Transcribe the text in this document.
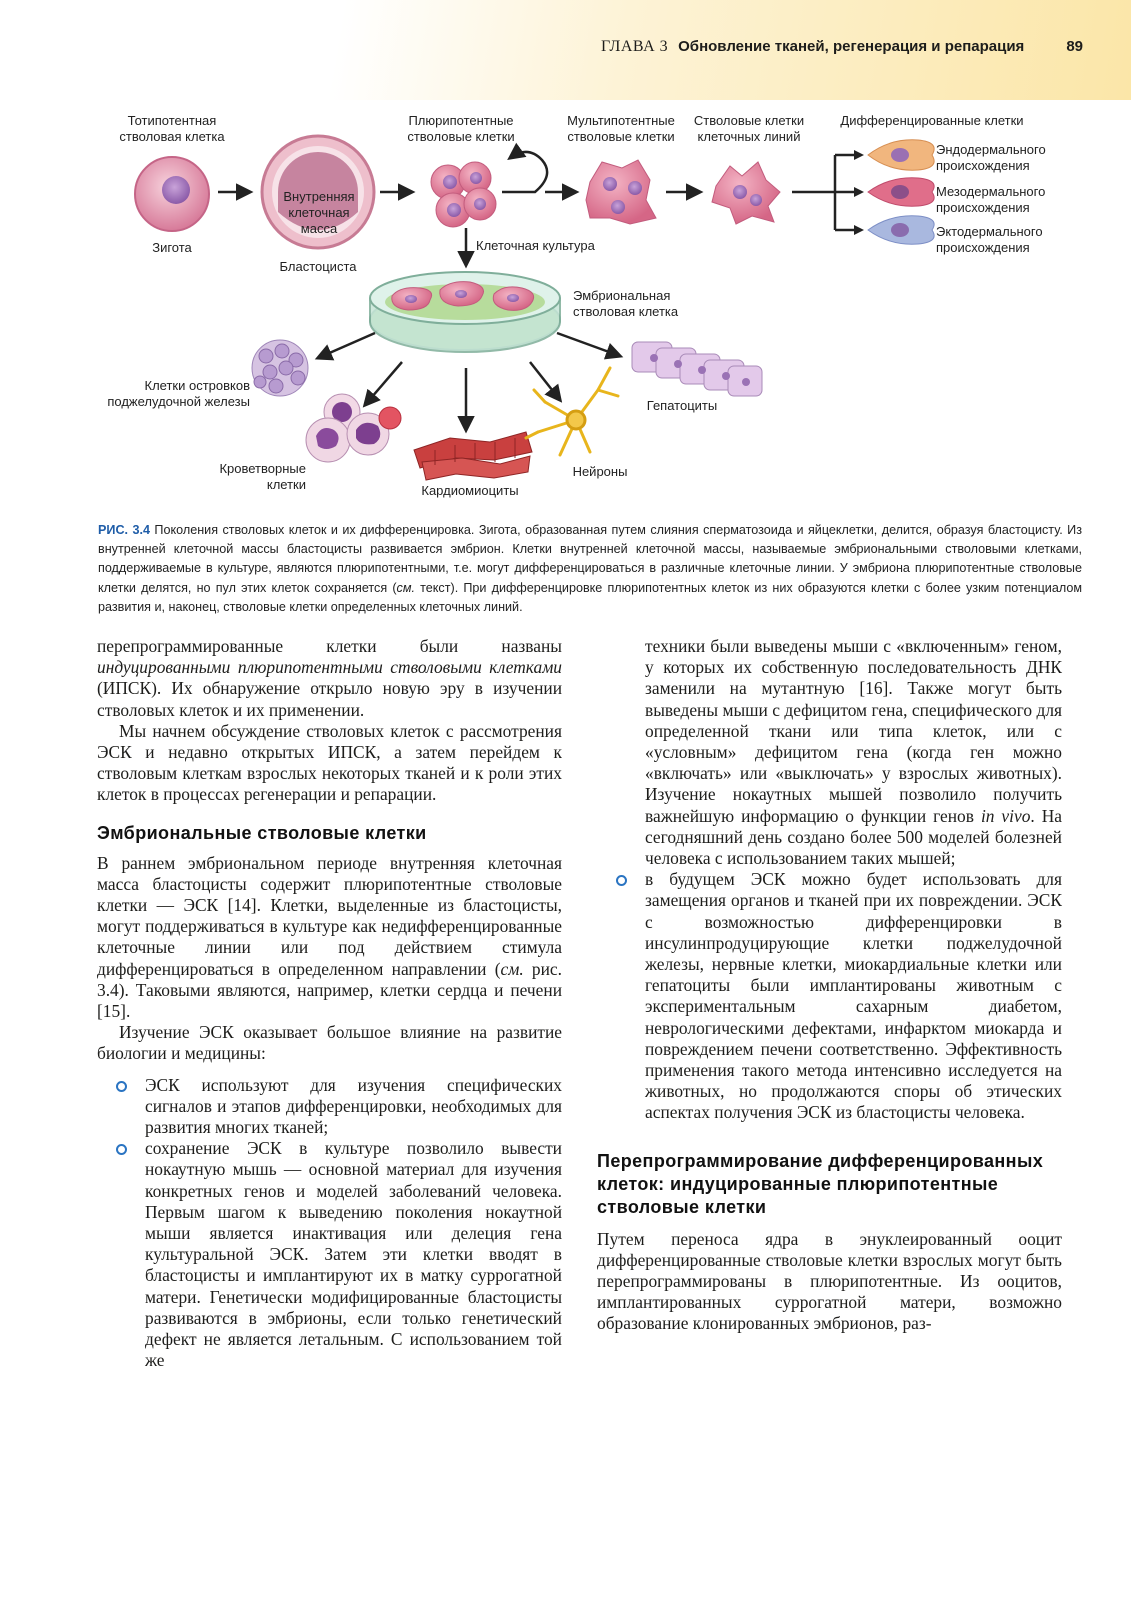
ГЛАВА 3 Обновление тканей, регенерация и репарация	89
Внутренняя
клеточная
масса
Тотипотентная
стволовая клетка
Зигота
Бластоциста
Плюрипотентные
стволовые клетки
Мультипотентные
стволовые клетки
Стволовые клетки
клеточных линий
Дифференцированные клетки
Эндодермального
происхождения
Мезодермального
происхождения
Эктодермального
происхождения
Клеточная культура
Эмбриональная
стволовая клетка
Клетки островков
поджелудочной железы
Кроветворные
клетки	Кардиомиоциты
Нейроны
Гепатоциты
РИС. 3.4 Поколения стволовых клеток и их дифференцировка. Зигота, образованная путем слияния сперматозоида и яйцеклетки, делится, образуя бластоцисту. Из внутренней клеточной массы бластоцисты развивается эмбрион. Клетки внутренней клеточной массы, называемые эмбриональными стволовыми клетками, поддерживаемые в культуре, являются плюрипотентными, т.е. могут дифференцироваться в различные клеточные линии. У эмбриона плюрипотентные стволовые клетки делятся, но пул этих клеток сохраняется (см. текст). При дифференцировке плюрипотентных клеток из них образуются клетки с более узким потенциалом развития и, наконец, стволовые клетки определенных клеточных линий.

перепрограммированные клетки были названы индуцированными плюрипотентными стволовыми клетками (ИПСК). Их обнаружение открыло новую эру в изучении стволовых клеток и их применении.

Мы начнем обсуждение стволовых клеток с рассмотрения ЭСК и недавно открытых ИПСК, а затем перейдем к стволовым клеткам взрослых некоторых тканей и к роли этих клеток в процессах регенерации и репарации.

Эмбриональные стволовые клетки

В раннем эмбриональном периоде внутренняя клеточная масса бластоцисты содержит плюрипотентные стволовые клетки — ЭСК [14]. Клетки, выделенные из бластоцисты, могут поддерживаться в культуре как недифференцированные клеточные линии или под действием стимула дифференцироваться в определенном направлении (см. рис. 3.4). Таковыми являются, например, клетки сердца и печени [15].

Изучение ЭСК оказывает большое влияние на развитие биологии и медицины:

ЭСК используют для изучения специфических сигналов и этапов дифференцировки, необходимых для развития многих тканей;
сохранение ЭСК в культуре позволило вывести нокаутную мышь — основной материал для изучения конкретных генов и моделей заболеваний человека. Первым шагом к выведению поколения нокаутной мыши является инактивация или делеция гена культуральной ЭСК. Затем эти клетки вводят в бластоцисты и имплантируют их в матку суррогатной матери. Генетически модифицированные бластоцисты развиваются в эмбрионы, если только генетический дефект не является летальным. С использованием той же
техники были выведены мыши с «включенным» геном, у которых их собственную последовательность ДНК заменили на мутантную [16]. Также могут быть выведены мыши с дефицитом гена, специфического для определенной ткани или типа клеток, или с «условным» дефицитом гена (когда ген можно «включать» или «выключать» у взрослых животных). Изучение нокаутных мышей позволило получить важнейшую информацию о функции генов in vivo. На сегодняшний день создано более 500 моделей болезней человека с использованием таких мышей;
в будущем ЭСК можно будет использовать для замещения органов и тканей при их повреждении. ЭСК с возможностью дифференцировки в инсулинпродуцирующие клетки поджелудочной железы, нервные клетки, миокардиальные клетки или гепатоциты были имплантированы животным с экспериментальным сахарным диабетом, неврологическими дефектами, инфарктом миокарда и повреждением печени соответственно. Эффективность применения такого метода интенсивно исследуется на животных, но продолжаются споры об этических аспектах получения ЭСК из бластоцисты человека.
Перепрограммирование дифференцированных клеток: индуцированные плюрипотентные стволовые клетки

Путем переноса ядра в энуклеированный ооцит дифференцированные стволовые клетки взрослых могут быть перепрограммированы в плюрипотентные. Из ооцитов, имплантированных суррогатной матери, возможно образование клонированных эмбрионов, раз-
